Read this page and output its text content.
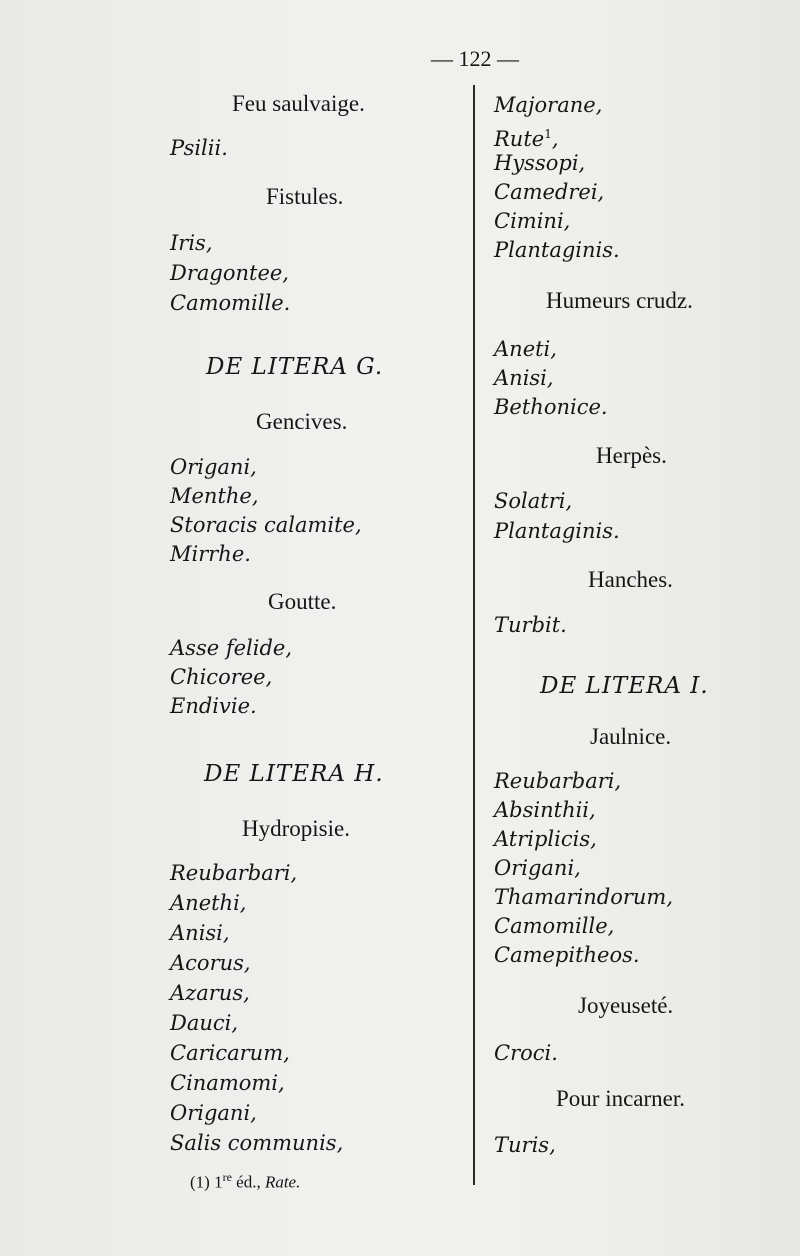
— 122 —
Feu saulvaige.
Psilii.
Fistules.
Iris,
Dragontee,
Camomille.
DE LITERA G.
Gencives.
Origani,
Menthe,
Storacis calamite,
Mirrhe.
Goutte.
Asse felide,
Chicoree,
Endivie.
DE LITERA H.
Hydropisie.
Reubarbari,
Anethi,
Anisi,
Acorus,
Azarus,
Dauci,
Caricarum,
Cinamomi,
Origani,
Salis communis,
Majorane,
Rute$^1$,
Hyssopi,
Camedrei,
Cimini,
Plantaginis.
Humeurs crudz.
Aneti,
Anisi,
Bethonice.
Herpès.
Solatri,
Plantaginis.
Hanches.
Turbit.
DE LITERA I.
Jaulnice.
Reubarbari,
Absinthii,
Atriplicis,
Origani,
Thamarindorum,
Camomille,
Camepitheos.
Joyeuseté.
Croci.
Pour incarner.
Turis,
(1) 1re éd., Rate.
